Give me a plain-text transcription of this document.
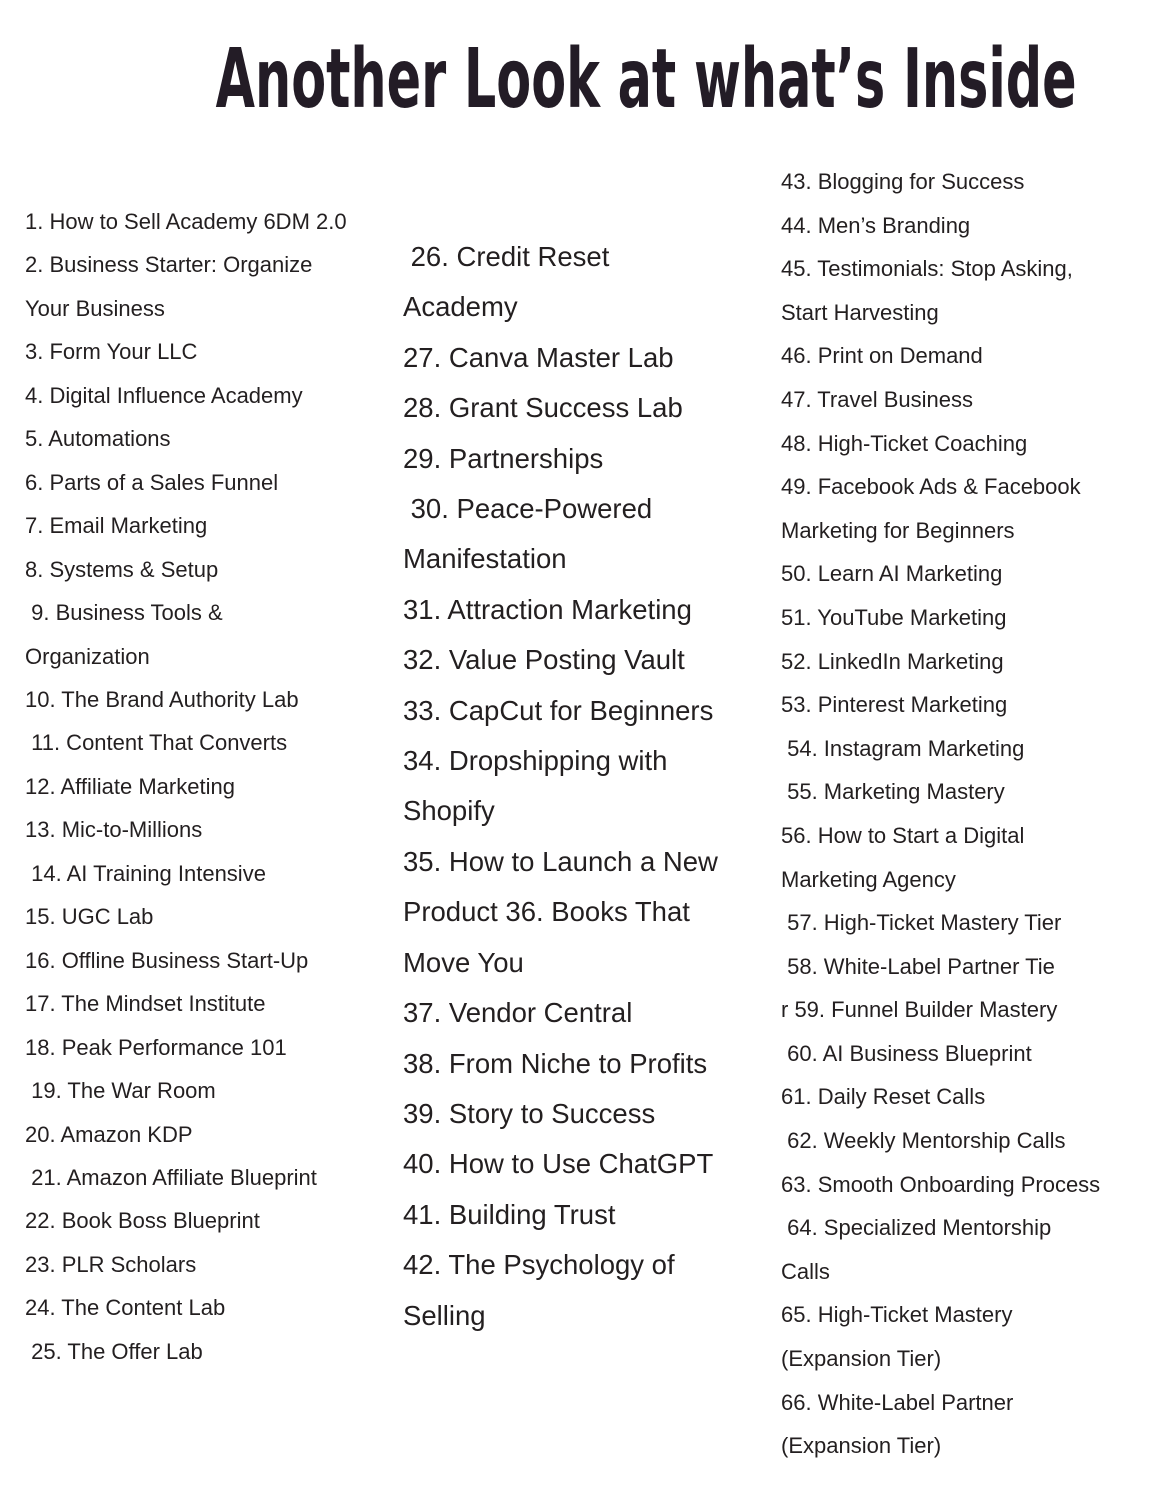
Another Look at what’s Inside
1. How to Sell Academy 6DM 2.0
2. Business Starter: Organize
Your Business
3. Form Your LLC
4. Digital Influence Academy
5. Automations
6. Parts of a Sales Funnel
7. Email Marketing
8. Systems & Setup
9. Business Tools &
Organization
10. The Brand Authority Lab
11. Content That Converts
12. Affiliate Marketing
13. Mic-to-Millions
14. AI Training Intensive
15. UGC Lab
16. Offline Business Start-Up
17. The Mindset Institute
18. Peak Performance 101
19. The War Room
20. Amazon KDP
21. Amazon Affiliate Blueprint
22. Book Boss Blueprint
23. PLR Scholars
24. The Content Lab
25. The Offer Lab
26. Credit Reset
Academy
27. Canva Master Lab
28. Grant Success Lab
29. Partnerships
30. Peace-Powered
Manifestation
31. Attraction Marketing
32. Value Posting Vault
33. CapCut for Beginners
34. Dropshipping with
Shopify
35. How to Launch a New
Product 36. Books That
Move You
37. Vendor Central
38. From Niche to Profits
39. Story to Success
40. How to Use ChatGPT
41. Building Trust
42. The Psychology of
Selling
43. Blogging for Success
44. Men’s Branding
45. Testimonials: Stop Asking,
Start Harvesting
46. Print on Demand
47. Travel Business
48. High-Ticket Coaching
49. Facebook Ads & Facebook
Marketing for Beginners
50. Learn AI Marketing
51. YouTube Marketing
52. LinkedIn Marketing
53. Pinterest Marketing
54. Instagram Marketing
55. Marketing Mastery
56. How to Start a Digital
Marketing Agency
57. High-Ticket Mastery Tier
58. White-Label Partner Tie
r 59. Funnel Builder Mastery
60. AI Business Blueprint
61. Daily Reset Calls
62. Weekly Mentorship Calls
63. Smooth Onboarding Process
64. Specialized Mentorship
Calls
65. High-Ticket Mastery
(Expansion Tier)
66. White-Label Partner
(Expansion Tier)
